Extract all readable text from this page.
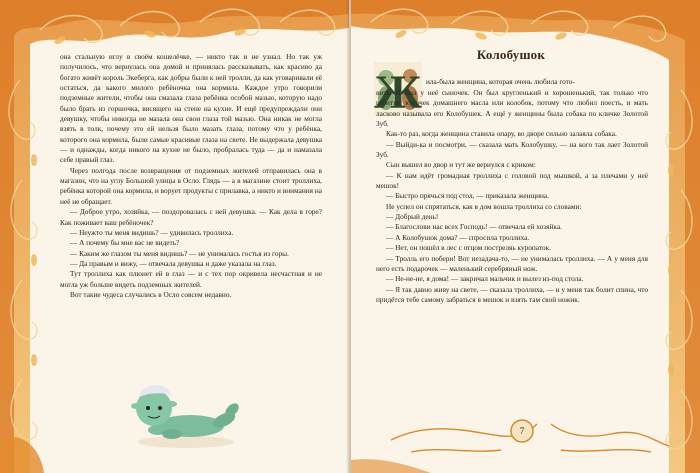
она стальную иглу в своём кошелёчке, — никто так и не узнал. Но так уж получилось, что вернулась она домой и принялась рассказывать, как красиво да богато живёт король Экеберга, как добры были к ней тролли, да как уговаривали её остаться, да какого милого ребёночка она кормила. Каждое утро говорили подземные жители, чтобы она смазала глаза ребёнка особой мазью, которую надо было брать из горшочка, висящего на стене на кухне. И ещё предупреждали они девушку, чтобы никогда не мазала она свои глаза той мазью. Она никак не могла взять в толк, почему это ей нельзя было мазать глаза, потому что у ребёнка, которого она кормила, были самые красивые глаза на свете. Не выдержала девушка — и однажды, когда никого на кухне не было, пробралась туда — да и намазала себе правый глаз.

Через полгода после возвращения от подземных жителей отправилась она в магазин, что на углу Большой улицы в Осло. Глядь — а в магазине стоит троллиха, ребёнка которой она кормила, и ворует продукты с прилавка, а никто и внимания на неё не обращает.

— Доброе утро, хозяйка, — поздоровалась с ней девушка. — Как дела в горе? Как поживает ваш ребёночек?

— Неужто ты меня видишь? — удивилась троллиха.

— А почему бы мне вас не видеть?

— Каким же глазом ты меня видишь? — не унималась гостья из горы.

— Да правым и вижу, — отвечала девушка и даже указала на глаз.

Тут троллиха как плюнет ей в глаз — и с тех пор окривела несчастная и не могла уж больше видеть подземных жителей.

Вот такие чудеса случались в Осло совсем недавно.

Колобушок
Ж ила-была женщина, которая очень любила гото-

вить. И был у неё сыночек. Он был кругленький и хорошенький, так только что взбитый кусочек домашнего масла или колобок, потому что любил поесть, и мать ласково называла его Колобушек. А ещё у женщины была собака по кличке Золотой Зуб.

Как-то раз, когда женщина ставила опару, во дворе сильно залаяла собака.

— Выйди-ка и посмотри, — сказала мать Колобушку, — на кого так лает Золотой Зуб.

Сын вышел во двор и тут же вернулся с криком:

— К нам идёт громадная троллиха с головой под мышкой, а за плечами у неё мешок!

— Быстро прячься под стол, — приказала женщина.

Не успел он спрятаться, как в дом вошла троллиха со словами:

— Добрый день!

— Благослови нас всех Господь! — отвечала ей хозяйка.

— А Колобушок дома? — спросила троллиха.

— Нет, он пошёл в лес с отцом постреляь куропаток.

— Тролль его побери! Вот незадача-то, — не унималась троллиха. — А у меня для него есть подарочек — маленький серебряный нож.

— Не-не-не, я дома! — закричал мальчик и вылез из-под стола.

— Я так давно живу на свете, — сказала троллиха, — и у меня так болит спина, что придётся тебе самому забраться в мешок и взять там свой ножик.

7
